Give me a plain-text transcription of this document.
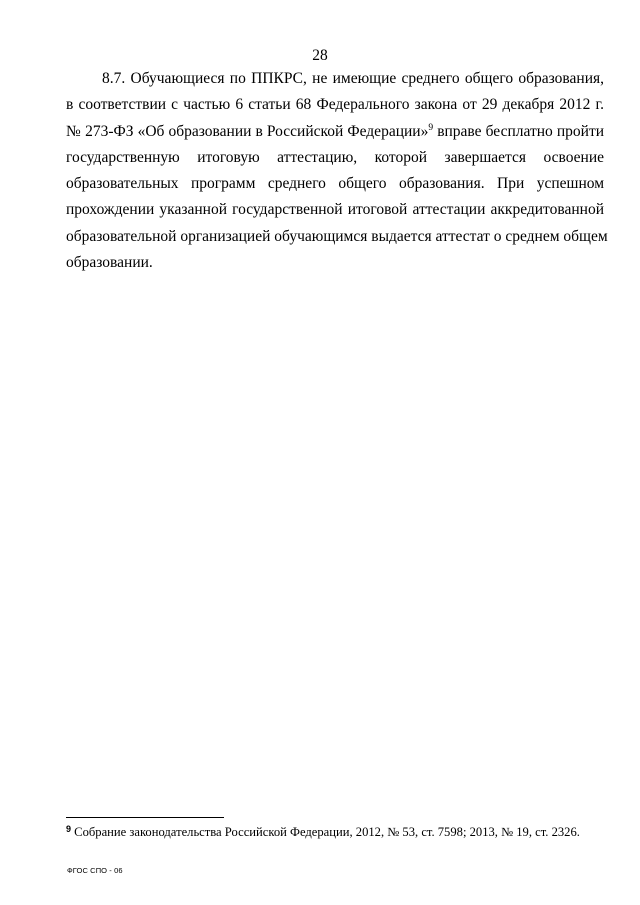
28
8.7. Обучающиеся по ППКРС, не имеющие среднего общего образования,
в соответствии с частью 6 статьи 68 Федерального закона от 29 декабря 2012 г.
№ 273-ФЗ «Об образовании в Российской Федерации»$^9$ вправе бесплатно пройти
государственную итоговую аттестацию, которой завершается освоение
образовательных программ среднего общего образования. При успешном
прохождении указанной государственной итоговой аттестации аккредитованной
образовательной организацией обучающимся выдается аттестат о среднем общем
образовании.
$^9$ Собрание законодательства Российской Федерации, 2012, № 53, ст. 7598; 2013, № 19, ст. 2326.
ФГОС СПО - 06
